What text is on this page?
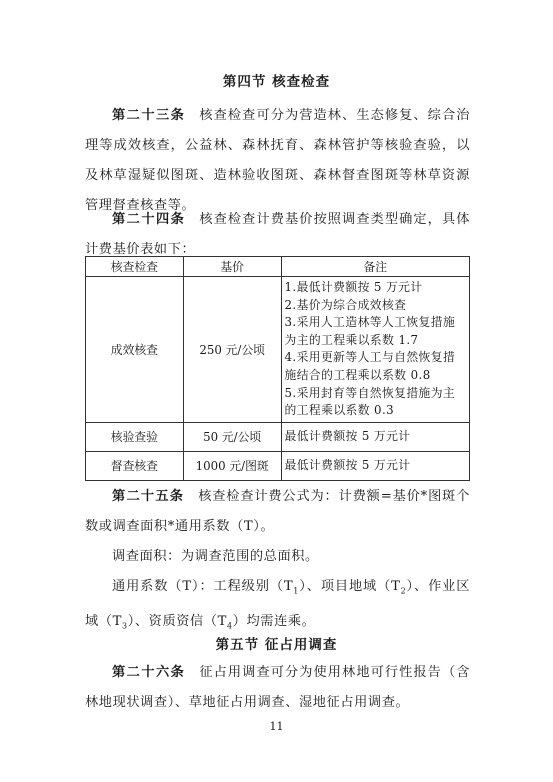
第四节 核查检查

第二十三条 核查检查可分为营造林、生态修复、综合治理等成效核查，公益林、森林抚育、森林管护等核验查验，以及林草湿疑似图斑、造林验收图斑、森林督查图斑等林草资源管理督查核查等。

第二十四条 核查检查计费基价按照调查类型确定，具体计费基价表如下：

核查检查	基价	备注
成效核查	250 元/公顷	1.最低计费额按 5 万元计
2.基价为综合成效核查
3.采用人工造林等人工恢复措施为主的工程乘以系数 1.7
4.采用更新等人工与自然恢复措施结合的工程乘以系数 0.8
5.采用封育等自然恢复措施为主的工程乘以系数 0.3

核验查验	50 元/公顷	最低计费额按 5 万元计
督查核查	1000 元/图斑	最低计费额按 5 万元计

第二十五条 核查检查计费公式为：计费额=基价*图斑个数或调查面积*通用系数（T）。

调查面积：为调查范围的总面积。

通用系数（T）：工程级别$(T_1)$、项目地域$(T_2)$、作业区域$(T_3)$、资质资信$(T_4)$均需连乘。

第五节 征占用调查

第二十六条 征占用调查可分为使用林地可行性报告（含林地现状调查）、草地征占用调查、湿地征占用调查。

11
